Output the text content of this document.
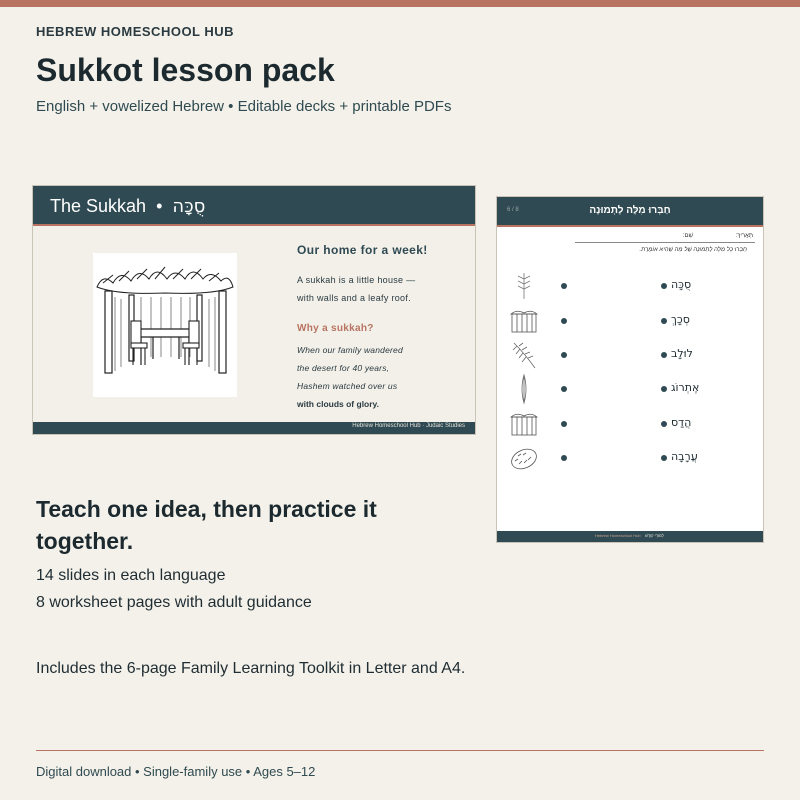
HEBREW HOMESCHOOL HUB
Sukkot lesson pack
English + vowelized Hebrew • Editable decks + printable PDFs
The Sukkah • סֻכָּה
Our home for a week!
A sukkah is a little house —
with walls and a leafy roof.
Why a sukkah?
When our family wandered
the desert for 40 years,
Hashem watched over us
with clouds of glory.
Hebrew Homeschool Hub · Judaic Studies
6 / 8	חַבְּרוּ מִלָּה לְתְמוּנָה
תָּאֲרִיךְ:
שֵׁם:
חַבְּרוּ כָּל מִלָּה לְתְמוּנָה שֶׁל מַה שֶׁהִיא אוֹמֶרֶת.
סֻכָּה
סְכָךְ
לוּלָב
אֶתְרוֹג
הֲדַס
עֲרָבָה
Hebrew Homeschool Hub לִמּוּדֵי קוֹדֶשׁ
Teach one idea, then practice it together.
14 slides in each language
8 worksheet pages with adult guidance
Includes the 6-page Family Learning Toolkit in Letter and A4.
Digital download • Single-family use • Ages 5–12
